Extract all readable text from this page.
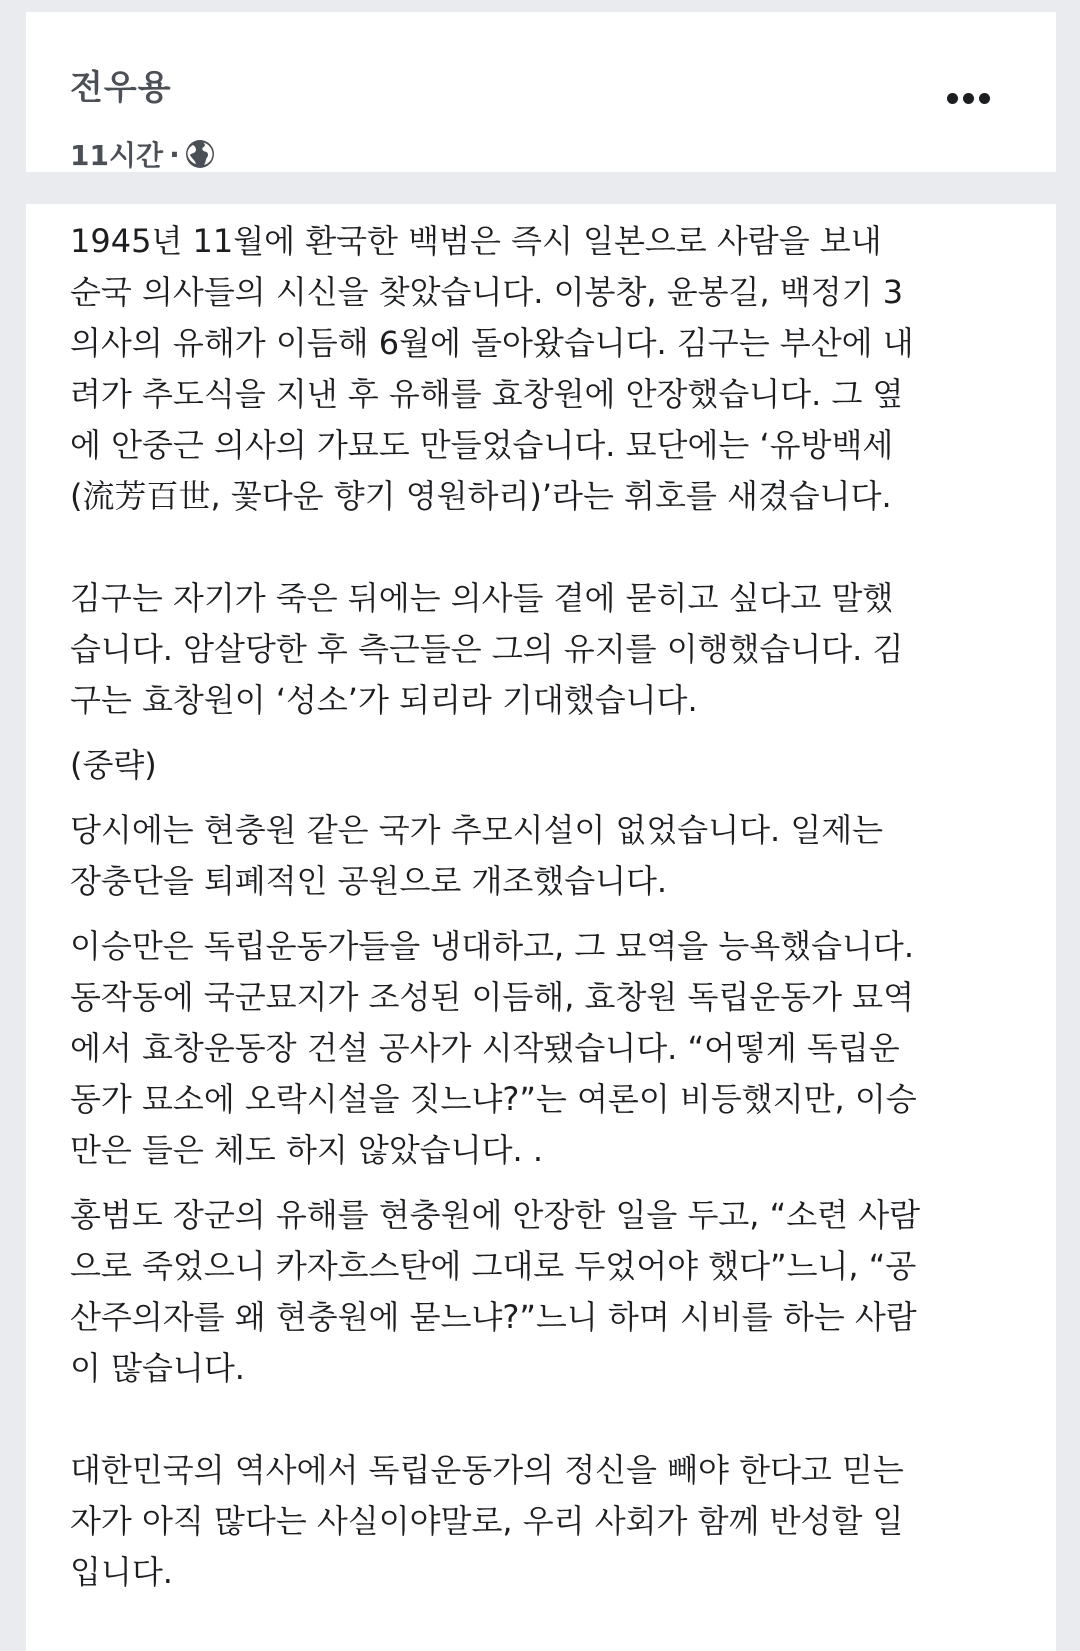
전우용
11시간 ·

1945년 11월에 환국한 백범은 즉시 일본으로 사람을 보내
순국 의사들의 시신을 찾았습니다. 이봉창, 윤봉길, 백정기 3
의사의 유해가 이듬해 6월에 돌아왔습니다. 김구는 부산에 내
려가 추도식을 지낸 후 유해를 효창원에 안장했습니다. 그 옆
에 안중근 의사의 가묘도 만들었습니다. 묘단에는 ‘유방백세
(流芳百世, 꽃다운 향기 영원하리)’라는 휘호를 새겼습니다.

김구는 자기가 죽은 뒤에는 의사들 곁에 묻히고 싶다고 말했
습니다. 암살당한 후 측근들은 그의 유지를 이행했습니다. 김
구는 효창원이 ‘성소’가 되리라 기대했습니다.

(중략)

당시에는 현충원 같은 국가 추모시설이 없었습니다. 일제는
장충단을 퇴폐적인 공원으로 개조했습니다.

이승만은 독립운동가들을 냉대하고, 그 묘역을 능욕했습니다.
동작동에 국군묘지가 조성된 이듬해, 효창원 독립운동가 묘역
에서 효창운동장 건설 공사가 시작됐습니다. “어떻게 독립운
동가 묘소에 오락시설을 짓느냐?”는 여론이 비등했지만, 이승
만은 들은 체도 하지 않았습니다. .

홍범도 장군의 유해를 현충원에 안장한 일을 두고, “소련 사람
으로 죽었으니 카자흐스탄에 그대로 두었어야 했다”느니, “공
산주의자를 왜 현충원에 묻느냐?”느니 하며 시비를 하는 사람
이 많습니다.

대한민국의 역사에서 독립운동가의 정신을 빼야 한다고 믿는
자가 아직 많다는 사실이야말로, 우리 사회가 함께 반성할 일
입니다.
